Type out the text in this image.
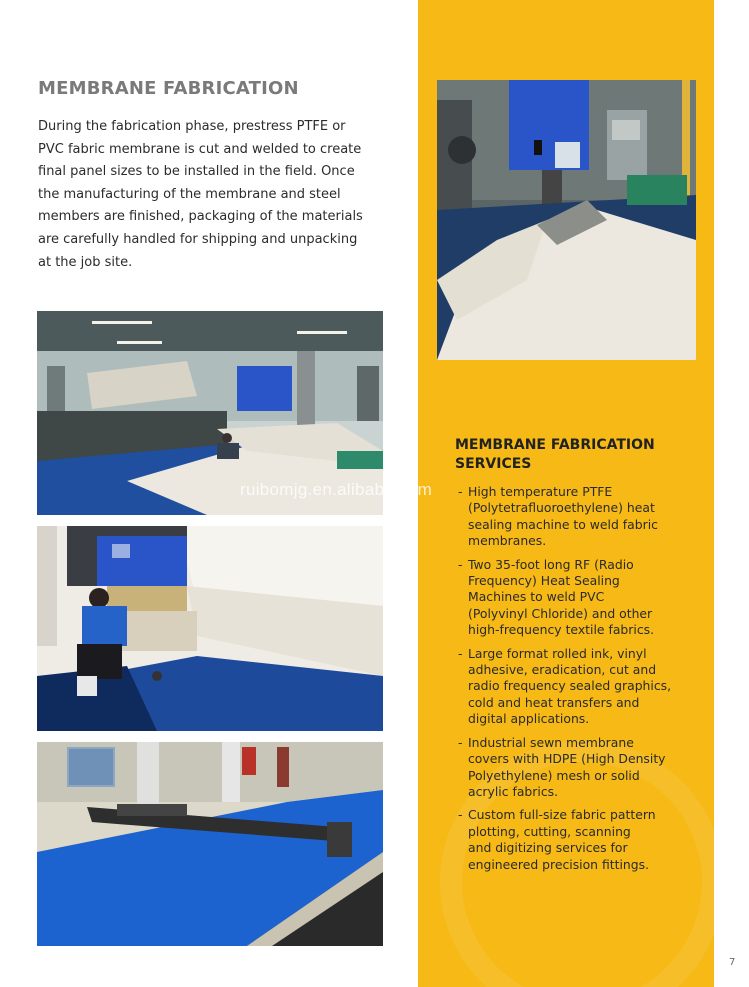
MEMBRANE FABRICATION
During the fabrication phase, prestress PTFE or
PVC fabric membrane is cut and welded to create
final panel sizes to be installed in the field. Once
the manufacturing of the membrane and steel
members are finished, packaging of the materials
are carefully handled for shipping and unpacking
at the job site.
MEMBRANE FABRICATION
SERVICES
- High temperature PTFE
(Polytetrafluoroethylene) heat
sealing machine to weld fabric
membranes.
- Two 35-foot long RF (Radio
Frequency) Heat Sealing
Machines to weld PVC
(Polyvinyl Chloride) and other
high-frequency textile fabrics.
- Large format rolled ink, vinyl
adhesive, eradication, cut and
radio frequency sealed graphics,
cold and heat transfers and
digital applications.
- Industrial sewn membrane
covers with HDPE (High Density
Polyethylene) mesh or solid
acrylic fabrics.
- Custom full-size fabric pattern
plotting, cutting, scanning
and digitizing services for
engineered precision fittings.
ruibomjg.en.alibaba.com
7
